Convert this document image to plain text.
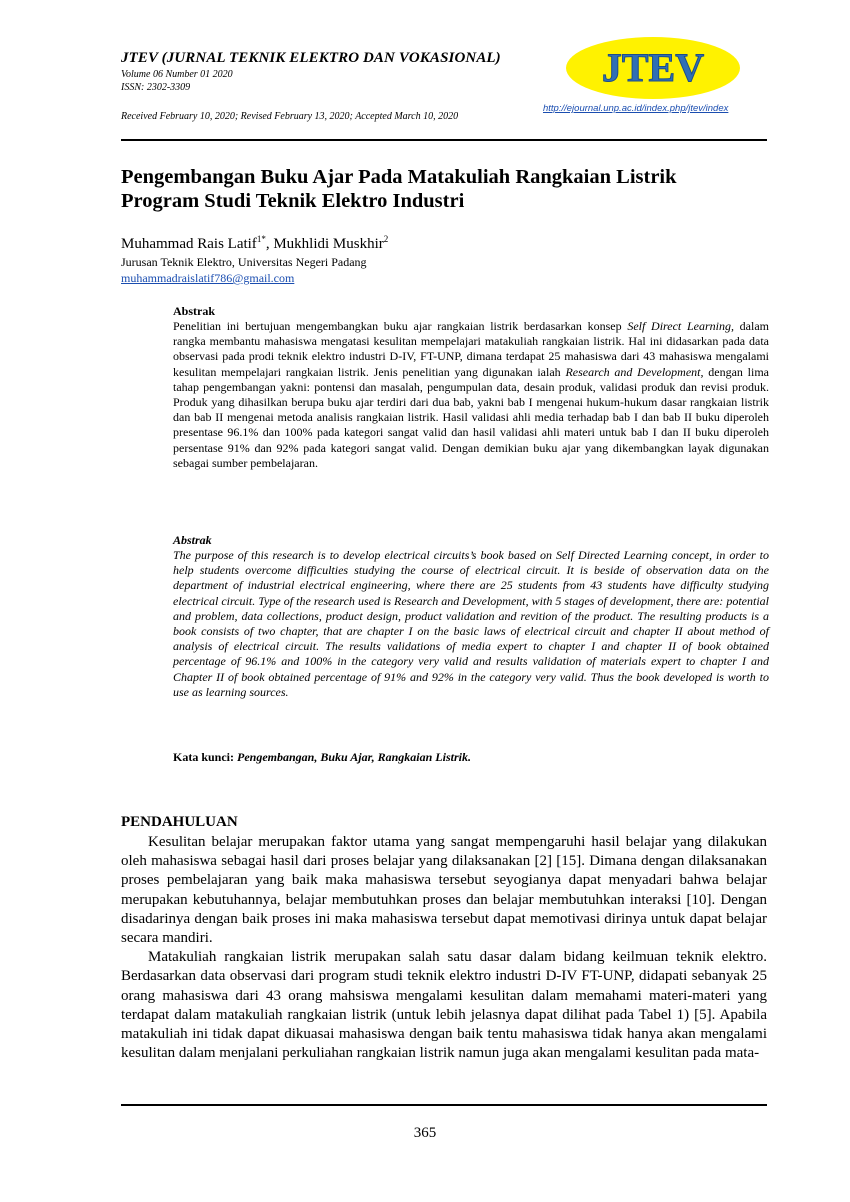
JTEV (JURNAL TEKNIK ELEKTRO DAN VOKASIONAL)
Volume 06 Number 01 2020
ISSN: 2302-3309
Received February 10, 2020; Revised February 13, 2020; Accepted March 10, 2020
JTEV
http://ejournal.unp.ac.id/index.php/jtev/index
Pengembangan Buku Ajar Pada Matakuliah Rangkaian Listrik
Program Studi Teknik Elektro Industri
Muhammad Rais Latif$^{1*}$, Mukhlidi Muskhir$^2$
Jurusan Teknik Elektro, Universitas Negeri Padang
muhammadraislatif786@gmail.com
Abstrak
Penelitian ini bertujuan mengembangkan buku ajar rangkaian listrik berdasarkan konsep Self Direct Learning, dalam rangka membantu mahasiswa mengatasi kesulitan mempelajari matakuliah rangkaian listrik. Hal ini didasarkan pada data observasi pada prodi teknik elektro industri D-IV, FT-UNP, dimana terdapat 25 mahasiswa dari 43 mahasiswa mengalami kesulitan mempelajari rangkaian listrik. Jenis penelitian yang digunakan ialah Research and Development, dengan lima tahap pengembangan yakni: pontensi dan masalah, pengumpulan data, desain produk, validasi produk dan revisi produk. Produk yang dihasilkan berupa buku ajar terdiri dari dua bab, yakni bab I mengenai hukum-hukum dasar rangkaian listrik dan bab II mengenai metoda analisis rangkaian listrik. Hasil validasi ahli media terhadap bab I dan bab II buku diperoleh presentase 96.1% dan 100% pada kategori sangat valid dan hasil validasi ahli materi untuk bab I dan II buku diperoleh persentase 91% dan 92% pada kategori sangat valid. Dengan demikian buku ajar yang dikembangkan layak digunakan sebagai sumber pembelajaran.
Abstrak
The purpose of this research is to develop electrical circuits’s book based on Self Directed Learning concept, in order to help students overcome difficulties studying the course of electrical circuit. It is beside of observation data on the department of industrial electrical engineering, where there are 25 students from 43 students have difficulty studying electrical circuit. Type of the research used is Research and Development, with 5 stages of development, there are: potential and problem, data collections, product design, product validation and revition of the product. The resulting products is a book consists of two chapter, that are chapter I on the basic laws of electrical circuit and chapter II about method of analysis of electrical circuit. The results validations of media expert to chapter I and chapter II of book obtained percentage of 96.1% and 100% in the category very valid and results validation of materials expert to chapter I and Chapter II of book obtained percentage of 91% and 92% in the category very valid. Thus the book developed is worth to use as learning sources.
Kata kunci: Pengembangan, Buku Ajar, Rangkaian Listrik.
PENDAHULUAN

Kesulitan belajar merupakan faktor utama yang sangat mempengaruhi hasil belajar yang dilakukan oleh mahasiswa sebagai hasil dari proses belajar yang dilaksanakan [2] [15]. Dimana dengan dilaksanakan proses pembelajaran yang baik maka mahasiswa tersebut seyogianya dapat menyadari bahwa belajar merupakan kebutuhannya, belajar membutuhkan proses dan belajar membutuhkan interaksi [10]. Dengan disadarinya dengan baik proses ini maka mahasiswa tersebut dapat memotivasi dirinya untuk dapat belajar secara mandiri.

Matakuliah rangkaian listrik merupakan salah satu dasar dalam bidang keilmuan teknik elektro. Berdasarkan data observasi dari program studi teknik elektro industri D-IV FT-UNP, didapati sebanyak 25 orang mahasiswa dari 43 orang mahsiswa mengalami kesulitan dalam memahami materi-materi yang terdapat dalam matakuliah rangkaian listrik (untuk lebih jelasnya dapat dilihat pada Tabel 1) [5]. Apabila matakuliah ini tidak dapat dikuasai mahasiswa dengan baik tentu mahasiswa tidak hanya akan mengalami kesulitan dalam menjalani perkuliahan rangkaian listrik namun juga akan mengalami kesulitan pada mata-

365
